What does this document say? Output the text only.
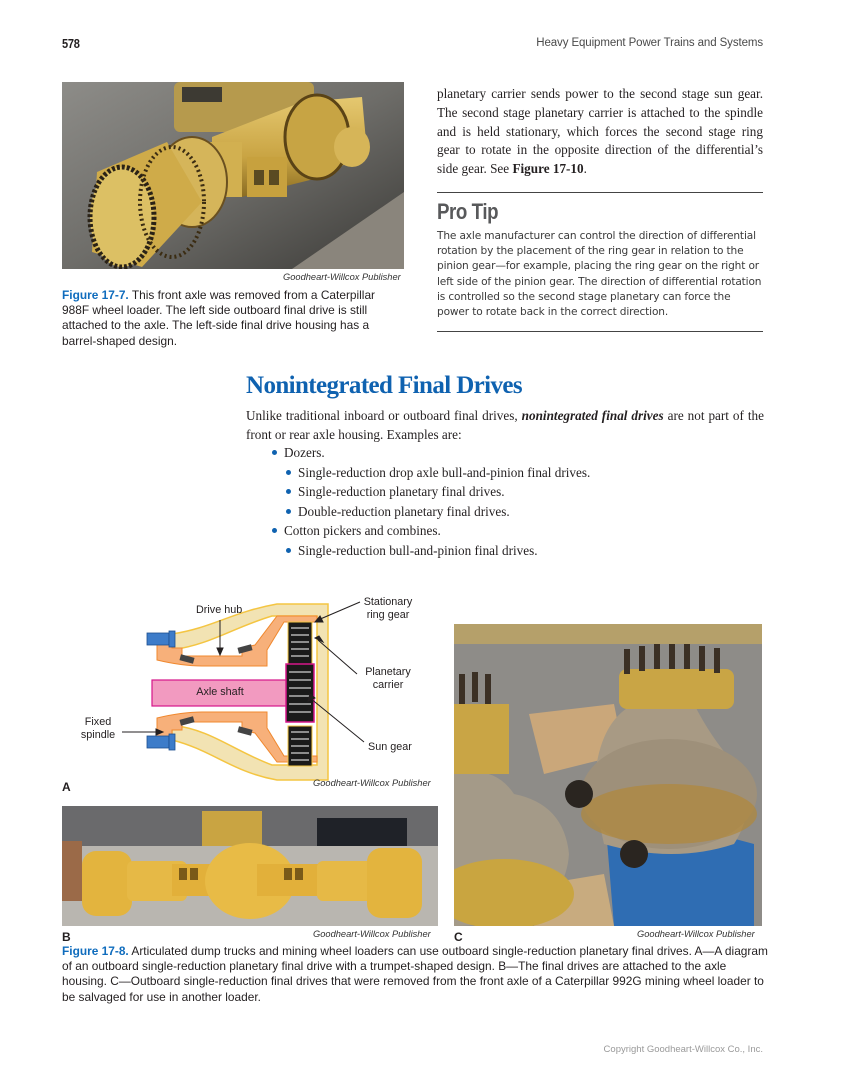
578	Heavy Equipment Power Trains and Systems
Goodheart-Willcox Publisher
Figure 17-7. This front axle was removed from a Caterpillar 988F wheel loader. The left side outboard final drive is still attached to the axle. The left-side final drive housing has a barrel-shaped design.
planetary carrier sends power to the second stage sun gear. The second stage planetary carrier is attached to the spindle and is held stationary, which forces the second stage ring gear to rotate in the opposite direction of the differential’s side gear. See Figure 17-10.
Pro Tip
The axle manufacturer can control the direction of differential rotation by the placement of the ring gear in relation to the pinion gear—for example, placing the ring gear on the right or left side of the pinion gear. The direction of differential rotation is controlled so the second stage planetary can force the power to rotate back in the correct direction.
Nonintegrated Final Drives
Unlike traditional inboard or outboard final drives, nonintegrated final drives are not part of the front or rear axle housing. Examples are:
Dozers.
Single-reduction drop axle bull-and-pinion final drives.
Single-reduction planetary final drives.
Double-reduction planetary final drives.
Cotton pickers and combines.
Single-reduction bull-and-pinion final drives.
Drive hub
Stationary
ring gear
Planetary
carrier
Axle shaft
Fixed
spindle
Sun gear
A	Goodheart-Willcox Publisher
B	Goodheart-Willcox Publisher C	Goodheart-Willcox Publisher
Figure 17-8. Articulated dump trucks and mining wheel loaders can use outboard single-reduction planetary final drives. A—A diagram of an outboard single-reduction planetary final drive with a trumpet-shaped design. B—The final drives are attached to the axle housing. C—Outboard single-reduction final drives that were removed from the front axle of a Caterpillar 992G mining wheel loader to be salvaged for use in another loader.
Copyright Goodheart-Willcox Co., Inc.
